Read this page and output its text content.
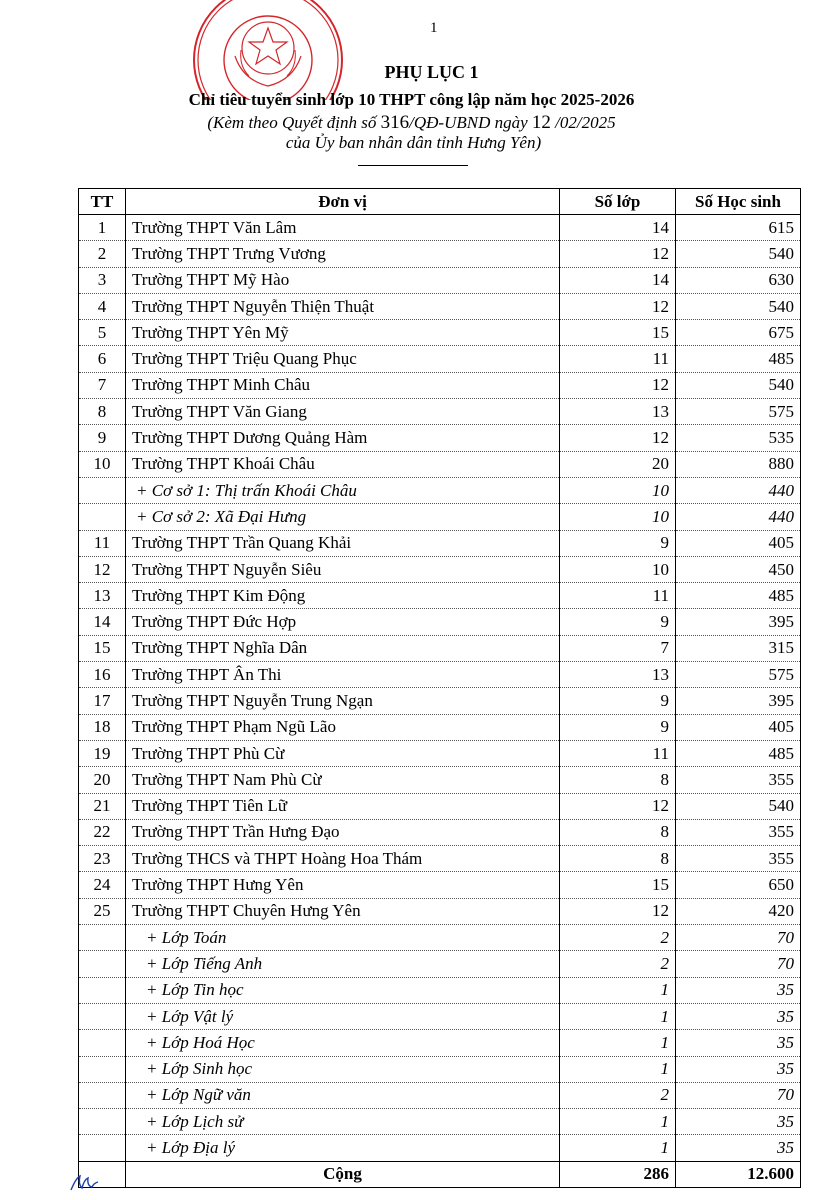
1
PHỤ LỤC 1
Chỉ tiêu tuyển sinh lớp 10 THPT công lập năm học 2025-2026
(Kèm theo Quyết định số 316/QĐ-UBND ngày 12 /02/2025
của Ủy ban nhân dân tỉnh Hưng Yên)
TT	Đơn vị	Số lớp	Số Học sinh
1	Trường THPT Văn Lâm	14	615
2	Trường THPT Trưng Vương	12	540
3	Trường THPT Mỹ Hào	14	630
4	Trường THPT Nguyễn Thiện Thuật	12	540
5	Trường THPT Yên Mỹ	15	675
6	Trường THPT Triệu Quang Phục	11	485
7	Trường THPT Minh Châu	12	540
8	Trường THPT Văn Giang	13	575
9	Trường THPT Dương Quảng Hàm	12	535
10	Trường THPT Khoái Châu	20	880
	+ Cơ sở 1: Thị trấn Khoái Châu	10	440
	+ Cơ sở 2: Xã Đại Hưng	10	440
11	Trường THPT Trần Quang Khải	9	405
12	Trường THPT Nguyễn Siêu	10	450
13	Trường THPT Kim Động	11	485
14	Trường THPT Đức Hợp	9	395
15	Trường THPT Nghĩa Dân	7	315
16	Trường THPT Ân Thi	13	575
17	Trường THPT Nguyễn Trung Ngạn	9	395
18	Trường THPT Phạm Ngũ Lão	9	405
19	Trường THPT Phù Cừ	11	485
20	Trường THPT Nam Phù Cừ	8	355
21	Trường THPT Tiên Lữ	12	540
22	Trường THPT Trần Hưng Đạo	8	355
23	Trường THCS và THPT Hoàng Hoa Thám	8	355
24	Trường THPT Hưng Yên	15	650
25	Trường THPT Chuyên Hưng Yên	12	420
	+ Lớp Toán	2	70
	+ Lớp Tiếng Anh	2	70
	+ Lớp Tin học	1	35
	+ Lớp Vật lý	1	35
	+ Lớp Hoá Học	1	35
	+ Lớp Sinh học	1	35
	+ Lớp Ngữ văn	2	70
	+ Lớp Lịch sử	1	35
	+ Lớp Địa lý	1	35
	Cộng	286	12.600
